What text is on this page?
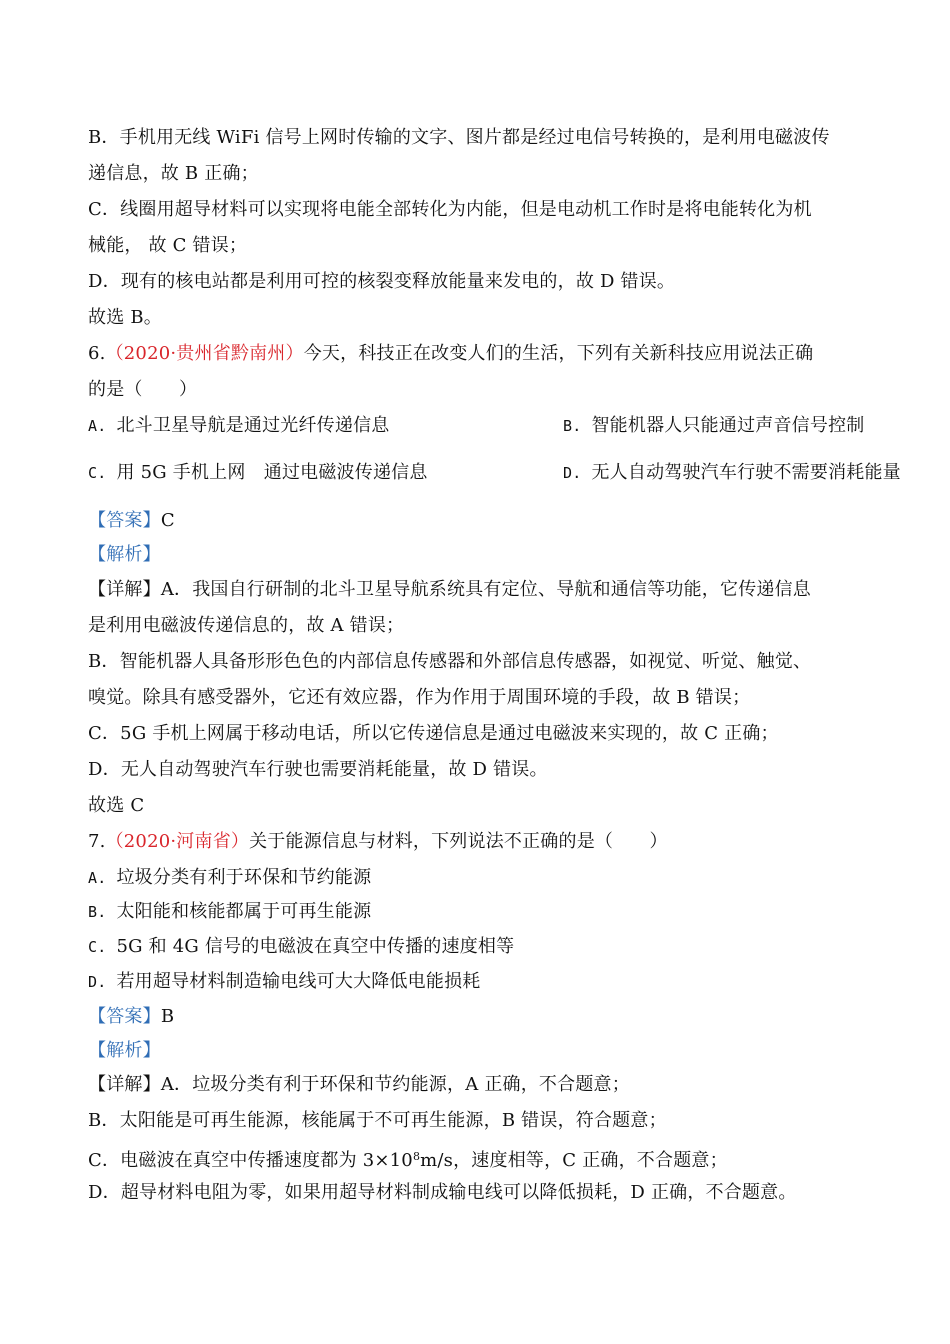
B．手机用无线 WiFi 信号上网时传输的文字、图片都是经过电信号转换的，是利用电磁波传
递信息，故 B 正确；
C．线圈用超导材料可以实现将电能全部转化为内能，但是电动机工作时是将电能转化为机
械能， 故 C 错误；
D．现有的核电站都是利用可控的核裂变释放能量来发电的，故 D 错误。
故选 B。
6.（2020·贵州省黔南州）今天，科技正在改变人们的生活，下列有关新科技应用说法正确
的是（　　）
A. 北斗卫星导航是通过光纤传递信息	B. 智能机器人只能通过声音信号控制
C. 用 5G 手机上网　通过电磁波传递信息	D. 无人自动驾驶汽车行驶不需要消耗能量
【答案】C
【解析】
【详解】A．我国自行研制的北斗卫星导航系统具有定位、导航和通信等功能，它传递信息
是利用电磁波传递信息的，故 A 错误；
B．智能机器人具备形形色色的内部信息传感器和外部信息传感器，如视觉、听觉、触觉、
嗅觉。除具有感受器外，它还有效应器，作为作用于周围环境的手段，故 B 错误；
C．5G 手机上网属于移动电话，所以它传递信息是通过电磁波来实现的，故 C 正确；
D．无人自动驾驶汽车行驶也需要消耗能量，故 D 错误。
故选 C
7.（2020·河南省）关于能源信息与材料，下列说法不正确的是（　　）
A. 垃圾分类有利于环保和节约能源
B. 太阳能和核能都属于可再生能源
C. 5G 和 4G 信号的电磁波在真空中传播的速度相等
D. 若用超导材料制造输电线可大大降低电能损耗
【答案】B
【解析】
【详解】A．垃圾分类有利于环保和节约能源，A 正确，不合题意；
B．太阳能是可再生能源，核能属于不可再生能源，B 错误，符合题意；
C．电磁波在真空中传播速度都为 $3\times 10^8m/s$，速度相等，C 正确，不合题意；
D．超导材料电阻为零，如果用超导材料制成输电线可以降低损耗，D 正确，不合题意。
